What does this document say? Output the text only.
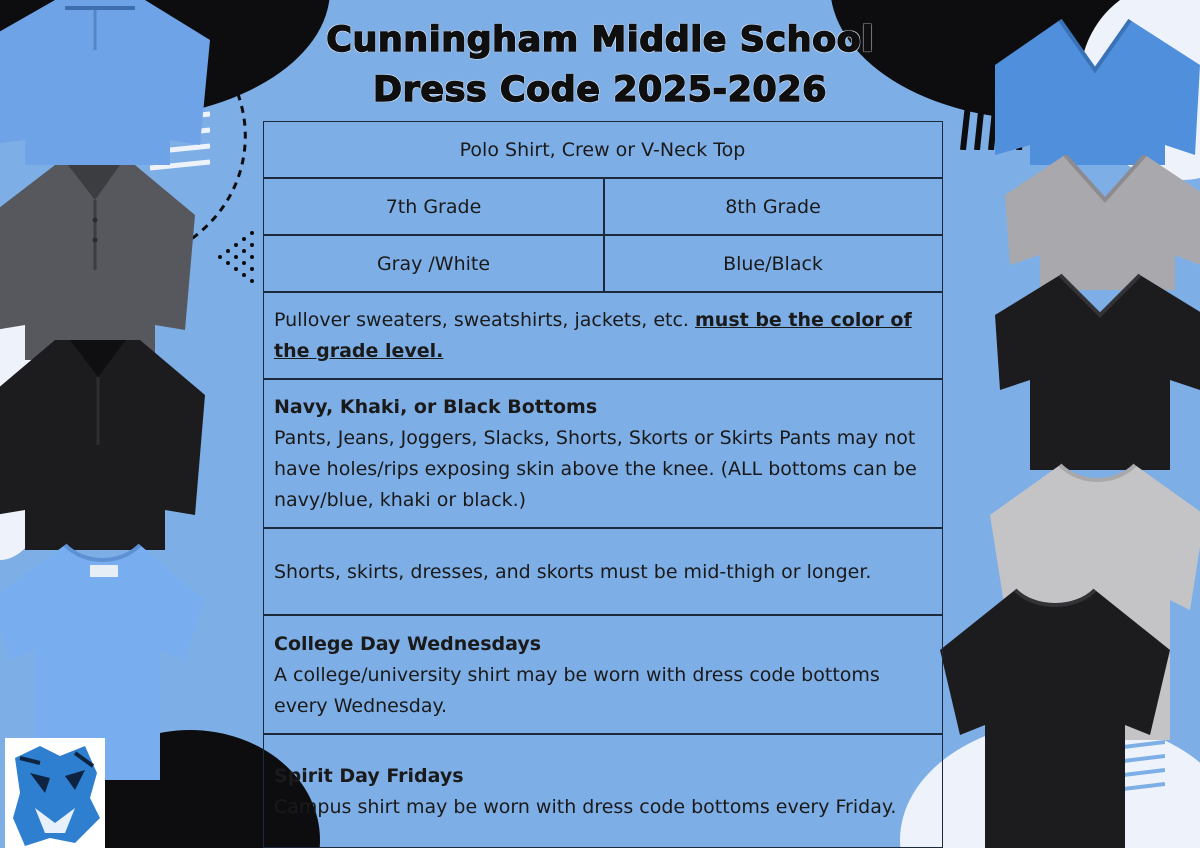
Cunningham Middle School
Dress Code 2025-2026
Polo Shirt, Crew or V-Neck Top
7th Grade	8th Grade
Gray /White	Blue/Black
Pullover sweaters, sweatshirts, jackets, etc. must be the color of the grade level.
Navy, Khaki, or Black Bottoms
Pants, Jeans, Joggers, Slacks, Shorts, Skorts or Skirts Pants may not have holes/rips exposing skin above the knee. (ALL bottoms can be navy/blue, khaki or black.)
Shorts, skirts, dresses, and skorts must be mid-thigh or longer.
College Day Wednesdays
A college/university shirt may be worn with dress code bottoms every Wednesday.
Spirit Day Fridays
Campus shirt may be worn with dress code bottoms every Friday.
